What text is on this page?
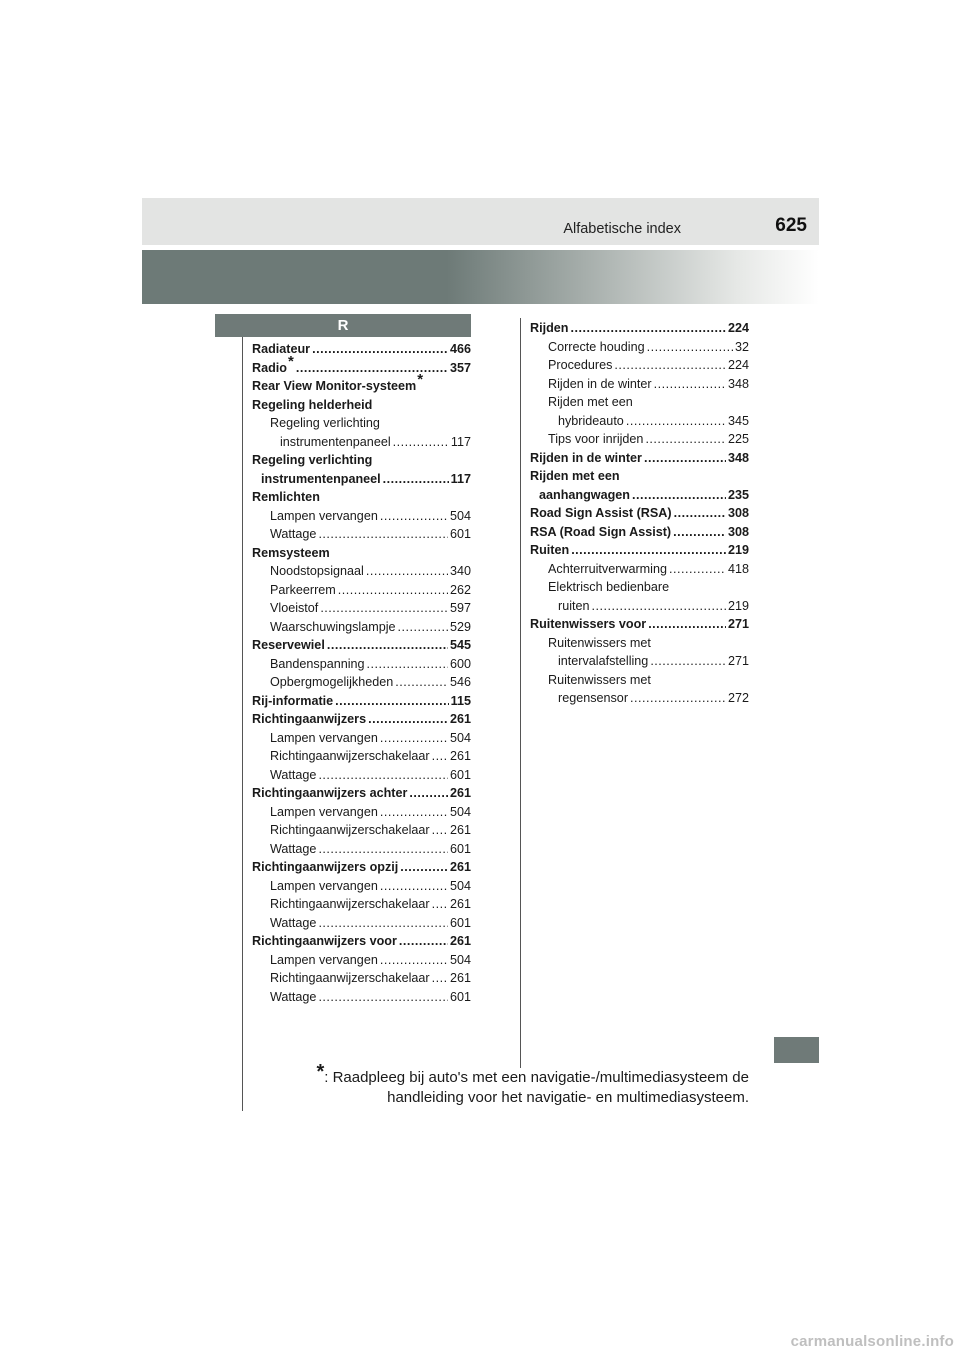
Alfabetische index	625
R
Radiateur .....	466
Radio * .....	357
Rear View Monitor-systeem *
Regeling helderheid
Regeling verlichting
instrumentenpaneel .....	117
Regeling verlichting
instrumentenpaneel .....	117
Remlichten
Lampen vervangen .....	504
Wattage .....	601
Remsysteem
Noodstopsignaal .....	340
Parkeerrem .....	262
Vloeistof .....	597
Waarschuwingslampje .....	529
Reservewiel .....	545
Bandenspanning .....	600
Opbergmogelijkheden .....	546
Rij-informatie .....	115
Richtingaanwijzers .....	261
Lampen vervangen .....	504
Richtingaanwijzerschakelaar ..... 261
Wattage .....	601
Richtingaanwijzers achter .....	261
Lampen vervangen .....	504
Richtingaanwijzerschakelaar ..... 261
Wattage .....	601
Richtingaanwijzers opzij .....	261
Lampen vervangen .....	504
Richtingaanwijzerschakelaar ..... 261
Wattage .....	601
Richtingaanwijzers voor .....	261
Lampen vervangen .....	504
Richtingaanwijzerschakelaar ..... 261
Wattage .....	601
Rijden .....	224
Correcte houding .....	32
Procedures .....	224
Rijden in de winter .....	348
Rijden met een
hybrideauto .....	345
Tips voor inrijden .....	225
Rijden in de winter .....	348
Rijden met een
aanhangwagen .....	235
Road Sign Assist (RSA) .....	308
RSA (Road Sign Assist) .....	308
Ruiten .....	219
Achterruitverwarming .....	418
Elektrisch bedienbare
ruiten .....	219
Ruitenwissers voor .....	271
Ruitenwissers met
intervalafstelling .....	271
Ruitenwissers met
regensensor .....	272
*: Raadpleeg bij auto's met een navigatie-/multimediasysteem de
handleiding voor het navigatie- en multimediasysteem.
carmanualsonline.info
